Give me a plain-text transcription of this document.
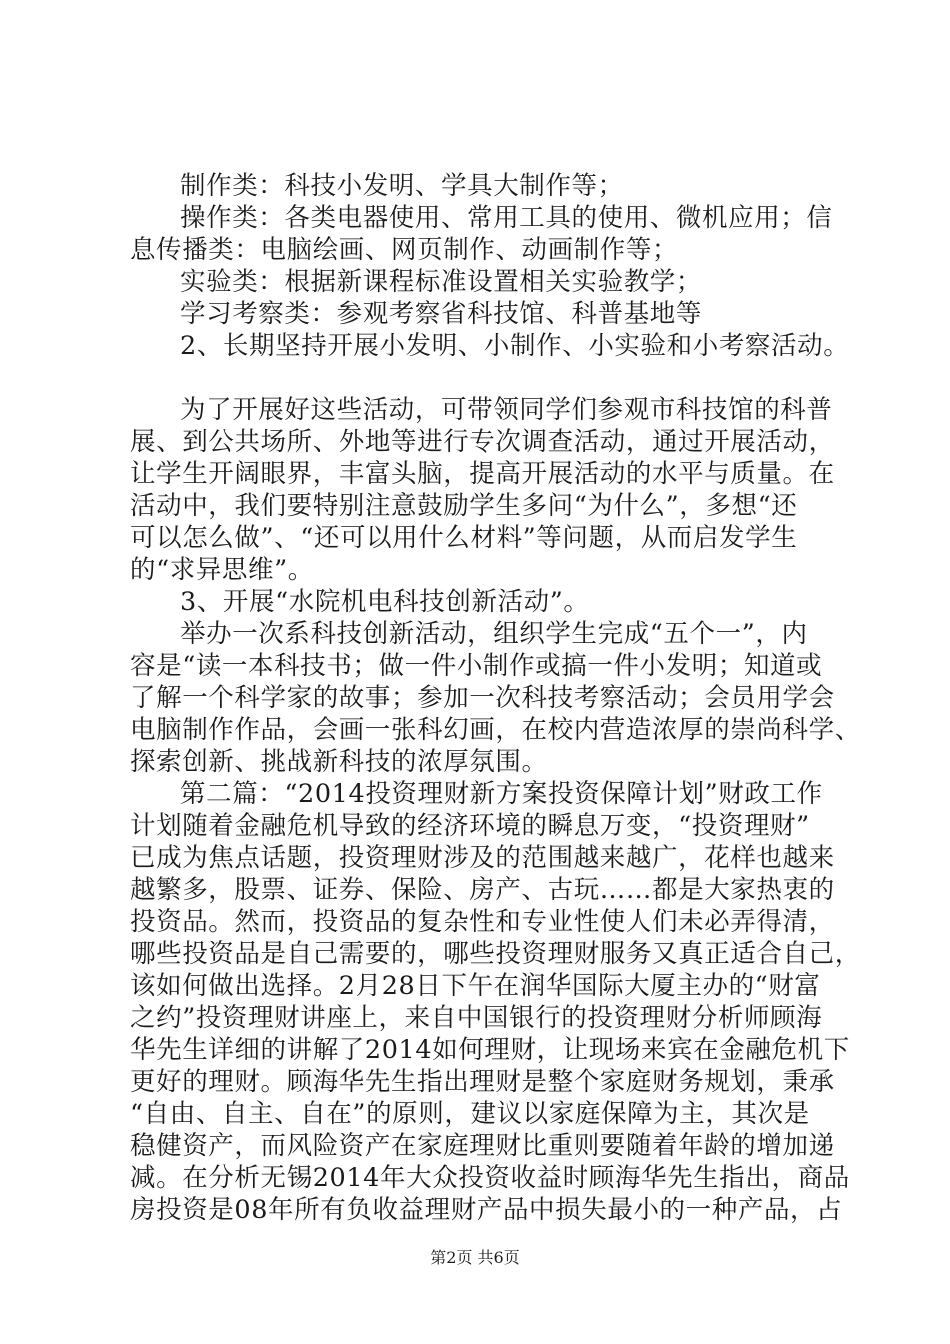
制作类：科技小发明、学具大制作等；
操作类：各类电器使用、常用工具的使用、微机应用；信
息传播类：电脑绘画、网页制作、动画制作等；
实验类：根据新课程标准设置相关实验教学；
学习考察类：参观考察省科技馆、科普基地等
2、长期坚持开展小发明、小制作、小实验和小考察活动。
为了开展好这些活动，可带领同学们参观市科技馆的科普
展、到公共场所、外地等进行专次调查活动，通过开展活动，
让学生开阔眼界，丰富头脑，提高开展活动的水平与质量。在
活动中，我们要特别注意鼓励学生多问“为什么”，多想“还
可以怎么做”、“还可以用什么材料”等问题，从而启发学生
的“求异思维”。
3、开展“水院机电科技创新活动”。
举办一次系科技创新活动，组织学生完成“五个一”，内
容是“读一本科技书；做一件小制作或搞一件小发明；知道或
了解一个科学家的故事；参加一次科技考察活动；会员用学会
电脑制作作品，会画一张科幻画，在校内营造浓厚的崇尚科学、
探索创新、挑战新科技的浓厚氛围。
第二篇：“2014投资理财新方案投资保障计划”财政工作
计划随着金融危机导致的经济环境的瞬息万变，“投资理财”
已成为焦点话题，投资理财涉及的范围越来越广，花样也越来
越繁多，股票、证券、保险、房产、古玩……都是大家热衷的
投资品。然而，投资品的复杂性和专业性使人们未必弄得清，
哪些投资品是自己需要的，哪些投资理财服务又真正适合自己，
该如何做出选择。2月28日下午在润华国际大厦主办的“财富
之约”投资理财讲座上，来自中国银行的投资理财分析师顾海
华先生详细的讲解了2014如何理财，让现场来宾在金融危机下
更好的理财。顾海华先生指出理财是整个家庭财务规划，秉承
“自由、自主、自在”的原则，建议以家庭保障为主，其次是
稳健资产，而风险资产在家庭理财比重则要随着年龄的增加递
减。在分析无锡2014年大众投资收益时顾海华先生指出，商品
房投资是08年所有负收益理财产品中损失最小的一种产品，占
第2页 共6页
